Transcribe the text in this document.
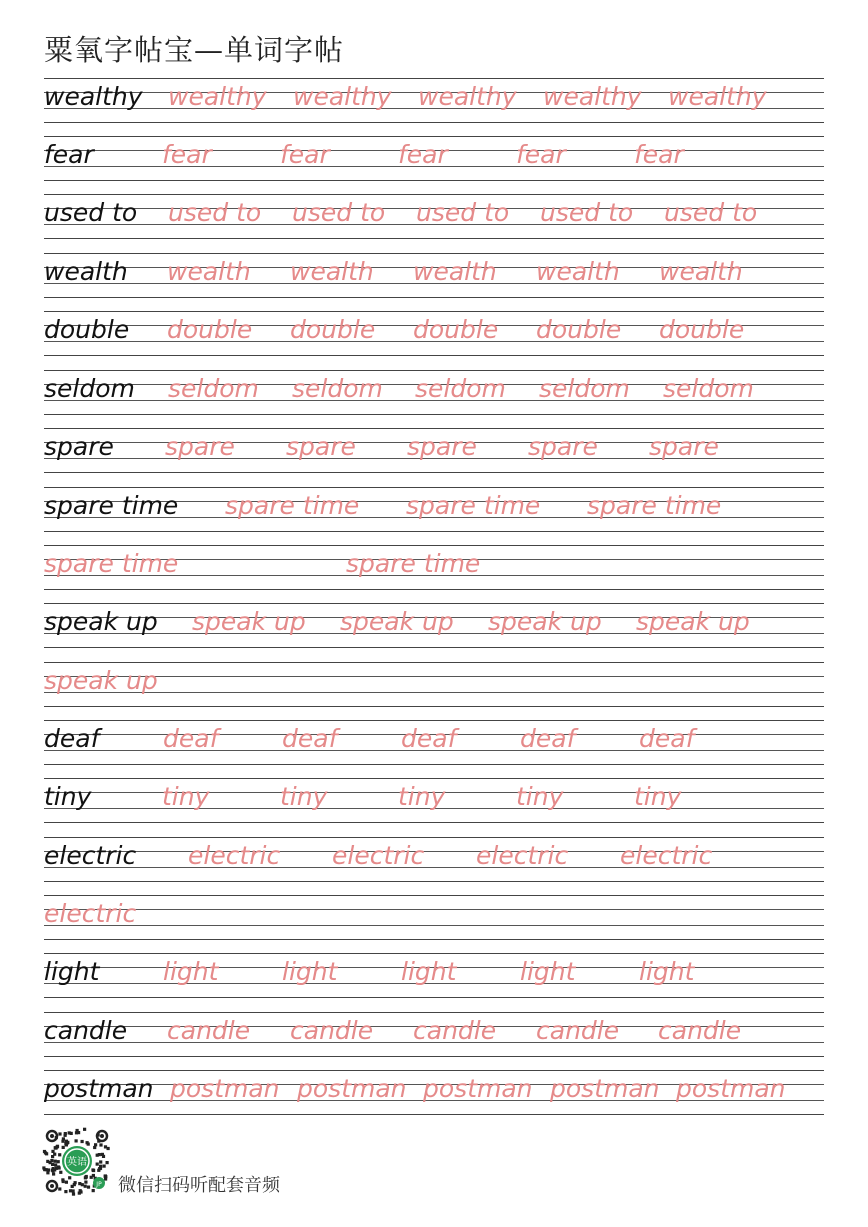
粟氧字帖宝—单词字帖
wealthy wealthy wealthy wealthy wealthy wealthy
fear	fear	fear	fear	fear	fear
used to used to used to used to used to used to
wealth wealth wealth wealth wealth wealth
double double double double double double
seldom seldom seldom seldom seldom seldom
spare spare spare spare spare spare
spare time spare time spare time spare time
spare time	spare time
speak up speak up speak up speak up speak up
speak up
deaf	deaf	deaf	deaf	deaf	deaf
tiny	tiny	tiny	tiny	tiny	tiny
electric electric electric electric electric
electric
light	light	light	light	light	light
candle candle candle candle candle candle
postman postman postman postman postman postman
英语
JP 微信扫码听配套音频
